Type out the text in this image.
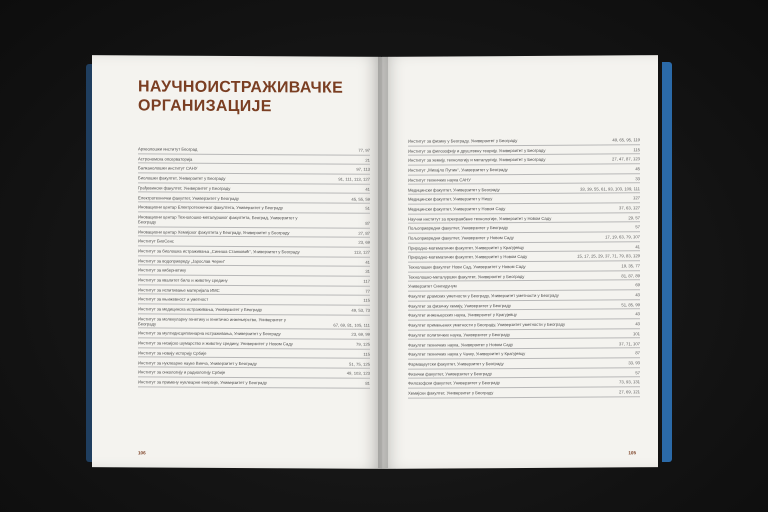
НАУЧНОИСТРАЖИВАЧКЕ
ОРГАНИЗАЦИЈЕ
Археолошки институт Београд	77, 97
Астрономска опсерваторија	21
Балканолошки институт САНУ	97, 113
Биолошки факултет, Универзитет у Београду	91, 111, 113, 127
Грађевински факултет, Универзитет у Београду	41
Електротехнички факултет, Универзитет у Београду	45, 55, 59
Иновациони центар Електротехничког факултета, Универзитет у Београду	51
Иновациони центар Технолошко-металуршког факултета, Београд, Универзитет у Београду	87
Иновациони центар Хемијског факултета у Београду, Универзитет у Београду	27, 87
Институт БиоСенс	23, 69
Институт за биолошка истраживања „Синиша Станковић“, Универзитет у Београду	113, 127
Институт за водопривреду „Јарослав Черни“	41
Институт за кибернетику	31
Институт за квалитет било и животну средину	117
Институт за испитивање материјала ИМС	77
Институт за књижевност и уметност	115
Институт за медицинска истраживања, Универзитет у Београду	49, 53, 73
Институт за молекуларну генетику и генетичко инжењерство, Универзитет у Београду	67, 69, 81, 105, 111
Институт за мултидисциплинарна истраживања, Универзитет у Београду	23, 69, 99
Институт за низијско шумарство и животну средину, Универзитет у Новом Саду	79, 125
Институт за новију историју Србије	115
Институт за нуклеарне науке Винча, Универзитет у Београду	51, 75, 125
Институт за онкологију и радиологију Србије	49, 103, 123
Институт за примену нуклеарне енергије, Универзитет у Београду	81
106
Институт за физику у Београду, Универзитет у Београду	49, 65, 95, 119
Институт за филозофију и друштвену теорију, Универзитет у Београду	115
Институт за хемију, технологију и металургију, Универзитет у Београду	27, 47, 87, 123
Институт „Михајло Пупин“, Универзитет у Београду	45
Институт техничких наука САНУ	33
Медицински факултет, Универзитет у Београду	33, 39, 55, 61, 93, 103, 109, 111
Медицински факултет, Универзитет у Нишу	127
Медицински факултет, Универзитет у Новом Саду	37, 63, 127
Научни институт за прехрамбене технологије, Универзитет у Новом Саду	29, 57
Пољопривредни факултет, Универзитет у Београду	57
Пољопривредни факултет, Универзитет у Новом Саду	17, 19, 63, 79, 107
Природно-математички факултет, Универзитет у Крагујевцу	41
Природно-математички факултет, Универзитет у Новом Саду	15, 17, 25, 29, 37, 71, 79, 83, 129
Технолошки факултет Нови Сад, Универзитет у Новом Саду	19, 35, 77
Технолошко-металуршки факултет, Универзитет у Београду	81, 87, 89
Универзитет Сингидунум	69
Факултет драмских уметности у Београду, Универзитет уметности у Београду	43
Факултет за физичку хемију, Универзитет у Београду	51, 85, 99
Факултет инжењерских наука, Универзитет у Крагујевцу	43
Факултет примењених уметности у Београду, Универзитет уметности у Београду	43
Факултет политичких наука, Универзитет у Београду	101
Факултет техничких наука, Универзитет у Новом Саду	37, 71, 107
Факултет техничких наука у Чачку, Универзитет у Крагујевцу	87
Фармацеутски факултет, Универзитет у Београду	33, 93
Физички факултет, Универзитет у Београду	57
Филозофски факултет, Универзитет у Београду	73, 93, 131
Хемијски факултет, Универзитет у Београду	27, 69, 121
105
